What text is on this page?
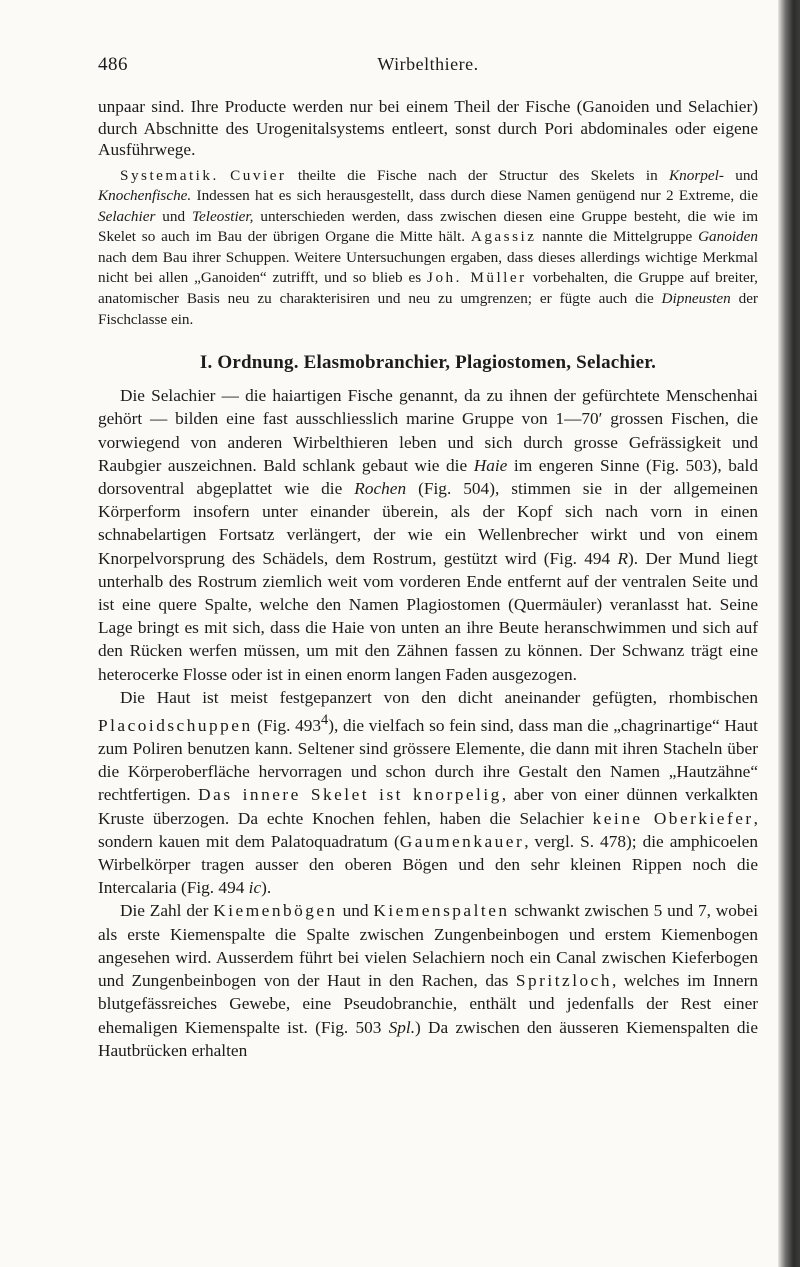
486	Wirbelthiere.

unpaar sind. Ihre Producte werden nur bei einem Theil der Fische (Ganoiden und Selachier) durch Abschnitte des Urogenitalsystems entleert, sonst durch Pori abdominales oder eigene Ausführwege.

Systematik. Cuvier theilte die Fische nach der Structur des Skelets in Knorpel- und Knochenfische. Indessen hat es sich herausgestellt, dass durch diese Namen genügend nur 2 Extreme, die Selachier und Teleostier, unterschieden werden, dass zwischen diesen eine Gruppe besteht, die wie im Skelet so auch im Bau der übrigen Organe die Mitte hält. Agassiz nannte die Mittelgruppe Ganoiden nach dem Bau ihrer Schuppen. Weitere Untersuchungen ergaben, dass dieses allerdings wichtige Merkmal nicht bei allen „Ganoiden“ zutrifft, und so blieb es Joh. Müller vorbehalten, die Gruppe auf breiter, anatomischer Basis neu zu charakterisiren und neu zu umgrenzen; er fügte auch die Dipneusten der Fischclasse ein.

I. Ordnung. Elasmobranchier, Plagiostomen, Selachier.

Die Selachier — die haiartigen Fische genannt, da zu ihnen der gefürchtete Menschenhai gehört — bilden eine fast ausschliesslich marine Gruppe von 1—70′ grossen Fischen, die vorwiegend von anderen Wirbelthieren leben und sich durch grosse Gefrässigkeit und Raubgier auszeichnen. Bald schlank gebaut wie die Haie im engeren Sinne (Fig. 503), bald dorsoventral abgeplattet wie die Rochen (Fig. 504), stimmen sie in der allgemeinen Körperform insofern unter einander überein, als der Kopf sich nach vorn in einen schnabelartigen Fortsatz verlängert, der wie ein Wellenbrecher wirkt und von einem Knorpelvorsprung des Schädels, dem Rostrum, gestützt wird (Fig. 494 R). Der Mund liegt unterhalb des Rostrum ziemlich weit vom vorderen Ende entfernt auf der ventralen Seite und ist eine quere Spalte, welche den Namen Plagiostomen (Quermäuler) veranlasst hat. Seine Lage bringt es mit sich, dass die Haie von unten an ihre Beute heranschwimmen und sich auf den Rücken werfen müssen, um mit den Zähnen fassen zu können. Der Schwanz trägt eine heterocerke Flosse oder ist in einen enorm langen Faden ausgezogen.

Die Haut ist meist festgepanzert von den dicht aneinander gefügten, rhombischen Placoidschuppen (Fig. $493^4$), die vielfach so fein sind, dass man die „chagrinartige“ Haut zum Poliren benutzen kann. Seltener sind grössere Elemente, die dann mit ihren Stacheln über die Körperoberfläche hervorragen und schon durch ihre Gestalt den Namen „Hautzähne“ rechtfertigen. Das innere Skelet ist knorpelig, aber von einer dünnen verkalkten Kruste überzogen. Da echte Knochen fehlen, haben die Selachier keine Oberkiefer, sondern kauen mit dem Palatoquadratum (Gaumenkauer, vergl. S. 478); die amphicoelen Wirbelkörper tragen ausser den oberen Bögen und den sehr kleinen Rippen noch die Intercalaria (Fig. 494 ic).

Die Zahl der Kiemenbögen und Kiemenspalten schwankt zwischen 5 und 7, wobei als erste Kiemenspalte die Spalte zwischen Zungenbeinbogen und erstem Kiemenbogen angesehen wird. Ausserdem führt bei vielen Selachiern noch ein Canal zwischen Kieferbogen und Zungenbeinbogen von der Haut in den Rachen, das Spritzloch, welches im Innern blutgefässreiches Gewebe, eine Pseudobranchie, enthält und jedenfalls der Rest einer ehemaligen Kiemenspalte ist. (Fig. 503 Spl.) Da zwischen den äusseren Kiemenspalten die Hautbrücken erhalten
